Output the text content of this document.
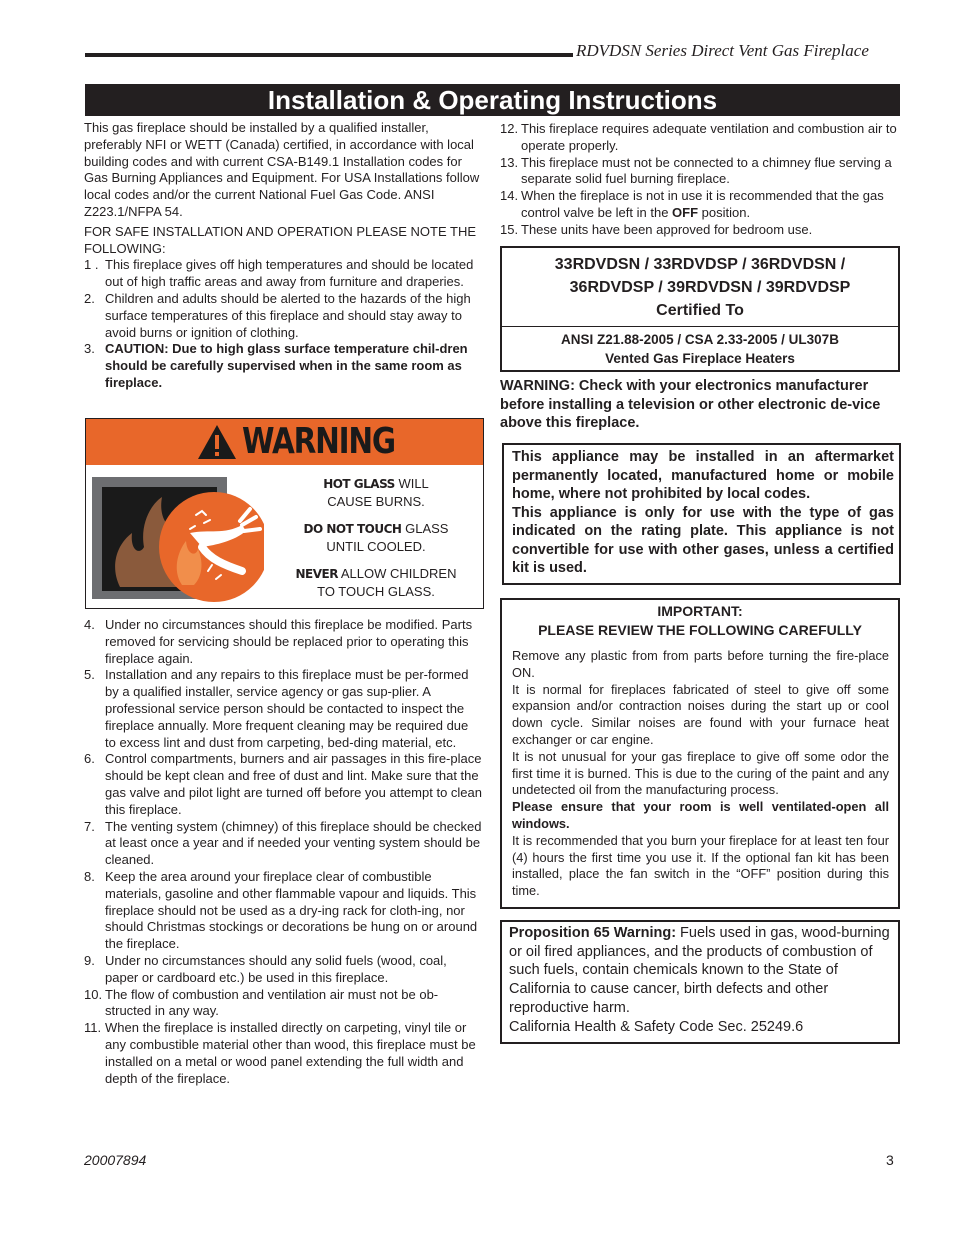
RDVDSN Series Direct Vent Gas Fireplace
Installation & Operating Instructions

This gas fireplace should be installed by a qualified installer, preferably NFI or WETT (Canada) certified, in accordance with local building codes and with current CSA-B149.1 Installation codes for Gas Burning Appliances and Equipment. For USA Installations follow local codes and/or the current National Fuel Gas Code. ANSI Z223.1/NFPA 54.

FOR SAFE INSTALLATION AND OPERATION PLEASE NOTE THE FOLLOWING:

1 . This fireplace gives off high temperatures and should be located out of high traffic areas and away from furniture and draperies.
2. Children and adults should be alerted to the hazards of the high surface temperatures of this fireplace and should stay away to avoid burns or ignition of clothing.
3. CAUTION: Due to high glass surface temperature chil-dren should be carefully supervised when in the same room as fireplace.
WARNING
HOT GLASS WILL
CAUSE BURNS.
DO NOT TOUCH GLASS
UNTIL COOLED.
NEVER ALLOW CHILDREN
TO TOUCH GLASS.
4. Under no circumstances should this fireplace be modified. Parts removed for servicing should be replaced prior to operating this fireplace again.
5. Installation and any repairs to this fireplace must be per-formed by a qualified installer, service agency or gas sup-plier. A professional service person should be contacted to inspect the fireplace annually. More frequent cleaning may be required due to excess lint and dust from carpeting, bed-ding material, etc.
6. Control compartments, burners and air passages in this fire-place should be kept clean and free of dust and lint. Make sure that the gas valve and pilot light are turned off before you attempt to clean this fireplace.
7. The venting system (chimney) of this fireplace should be checked at least once a year and if needed your venting system should be cleaned.
8. Keep the area around your fireplace clear of combustible materials, gasoline and other flammable vapour and liquids. This fireplace should not be used as a dry-ing rack for cloth-ing, nor should Christmas stockings or decorations be hung on or around the fireplace.
9. Under no circumstances should any solid fuels (wood, coal, paper or cardboard etc.) be used in this fireplace.
10. The flow of combustion and ventilation air must not be ob-structed in any way.
11. When the fireplace is installed directly on carpeting, vinyl tile or any combustible material other than wood, this fireplace must be installed on a metal or wood panel extending the full width and depth of the fireplace.
12. This fireplace requires adequate ventilation and combustion air to operate properly.
13. This fireplace must not be connected to a chimney flue serving a separate solid fuel burning fireplace.
14. When the fireplace is not in use it is recommended that the gas control valve be left in the OFF position.
15. These units have been approved for bedroom use.
33RDVDSN / 33RDVDSP / 36RDVDSN /
36RDVDSP / 39RDVDSN / 39RDVDSP
Certified To
ANSI Z21.88-2005 / CSA 2.33-2005 / UL307B
Vented Gas Fireplace Heaters
WARNING: Check with your electronics manufacturer before installing a television or other electronic de-vice above this fireplace.
This appliance may be installed in an aftermarket permanently located, manufactured home or mobile home, where not prohibited by local codes.
This appliance is only for use with the type of gas indicated on the rating plate. This appliance is not convertible for use with other gases, unless a certified kit is used.
IMPORTANT:
PLEASE REVIEW THE FOLLOWING CAREFULLY
Remove any plastic from from parts before turning the fire-place ON.
It is normal for fireplaces fabricated of steel to give off some expansion and/or contraction noises during the start up or cool down cycle. Similar noises are found with your furnace heat exchanger or car engine.
It is not unusual for your gas fireplace to give off some odor the first time it is burned. This is due to the curing of the paint and any undetected oil from the manufacturing process.
Please ensure that your room is well ventilated-open all windows.
It is recommended that you burn your fireplace for at least ten four (4) hours the first time you use it. If the optional fan kit has been installed, place the fan switch in the “OFF” position during this time.
Proposition 65 Warning: Fuels used in gas, wood-burning or oil fired appliances, and the products of combustion of such fuels, contain chemicals known to the State of California to cause cancer, birth defects and other reproductive harm.
California Health & Safety Code Sec. 25249.6
20007894	3
